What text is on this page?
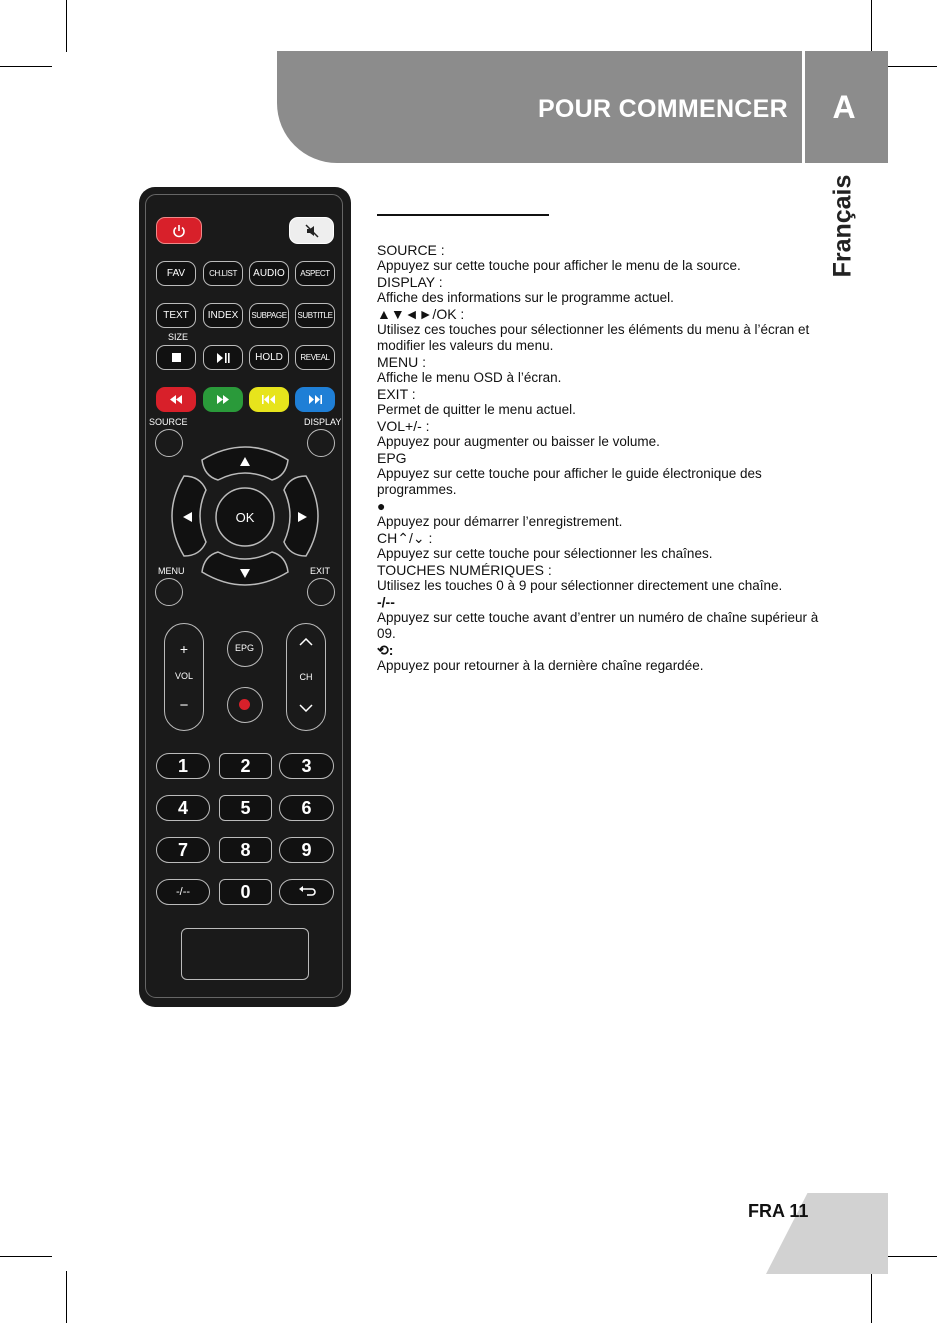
POUR COMMENCER	A
Français
FAV	CH.LIST	AUDIO	ASPECT
TEXT	INDEX	SUBPAGE	SUBTITLE
SIZE
HOLD	REVEAL
SOURCE	DISPLAY
MENU	EXIT
+
VOL
−
EPG
CH
1	2	3
4	5	6
7	8	9
-/--	0
OK
SOURCE :
Appuyez sur cette touche pour afficher le menu de la source.
DISPLAY :
Affiche des informations sur le programme actuel.
▲▼◄►/OK :
Utilisez ces touches pour sélectionner les éléments du menu à l’écran et modifier les valeurs du menu.
MENU :
Affiche le menu OSD à l’écran.
EXIT :
Permet de quitter le menu actuel.
VOL+/- :
Appuyez pour augmenter ou baisser le volume.
EPG
Appuyez sur cette touche pour afficher le guide électronique des programmes.
●
Appuyez pour démarrer l’enregistrement.
CH⌃/⌄ :
Appuyez sur cette touche pour sélectionner les chaînes.
TOUCHES NUMÉRIQUES :
Utilisez les touches 0 à 9 pour sélectionner directement une chaîne.
-/--
Appuyez sur cette touche avant d’entrer un numéro de chaîne supérieur à 09.
⟲:
Appuyez pour retourner à la dernière chaîne regardée.
FRA 11
